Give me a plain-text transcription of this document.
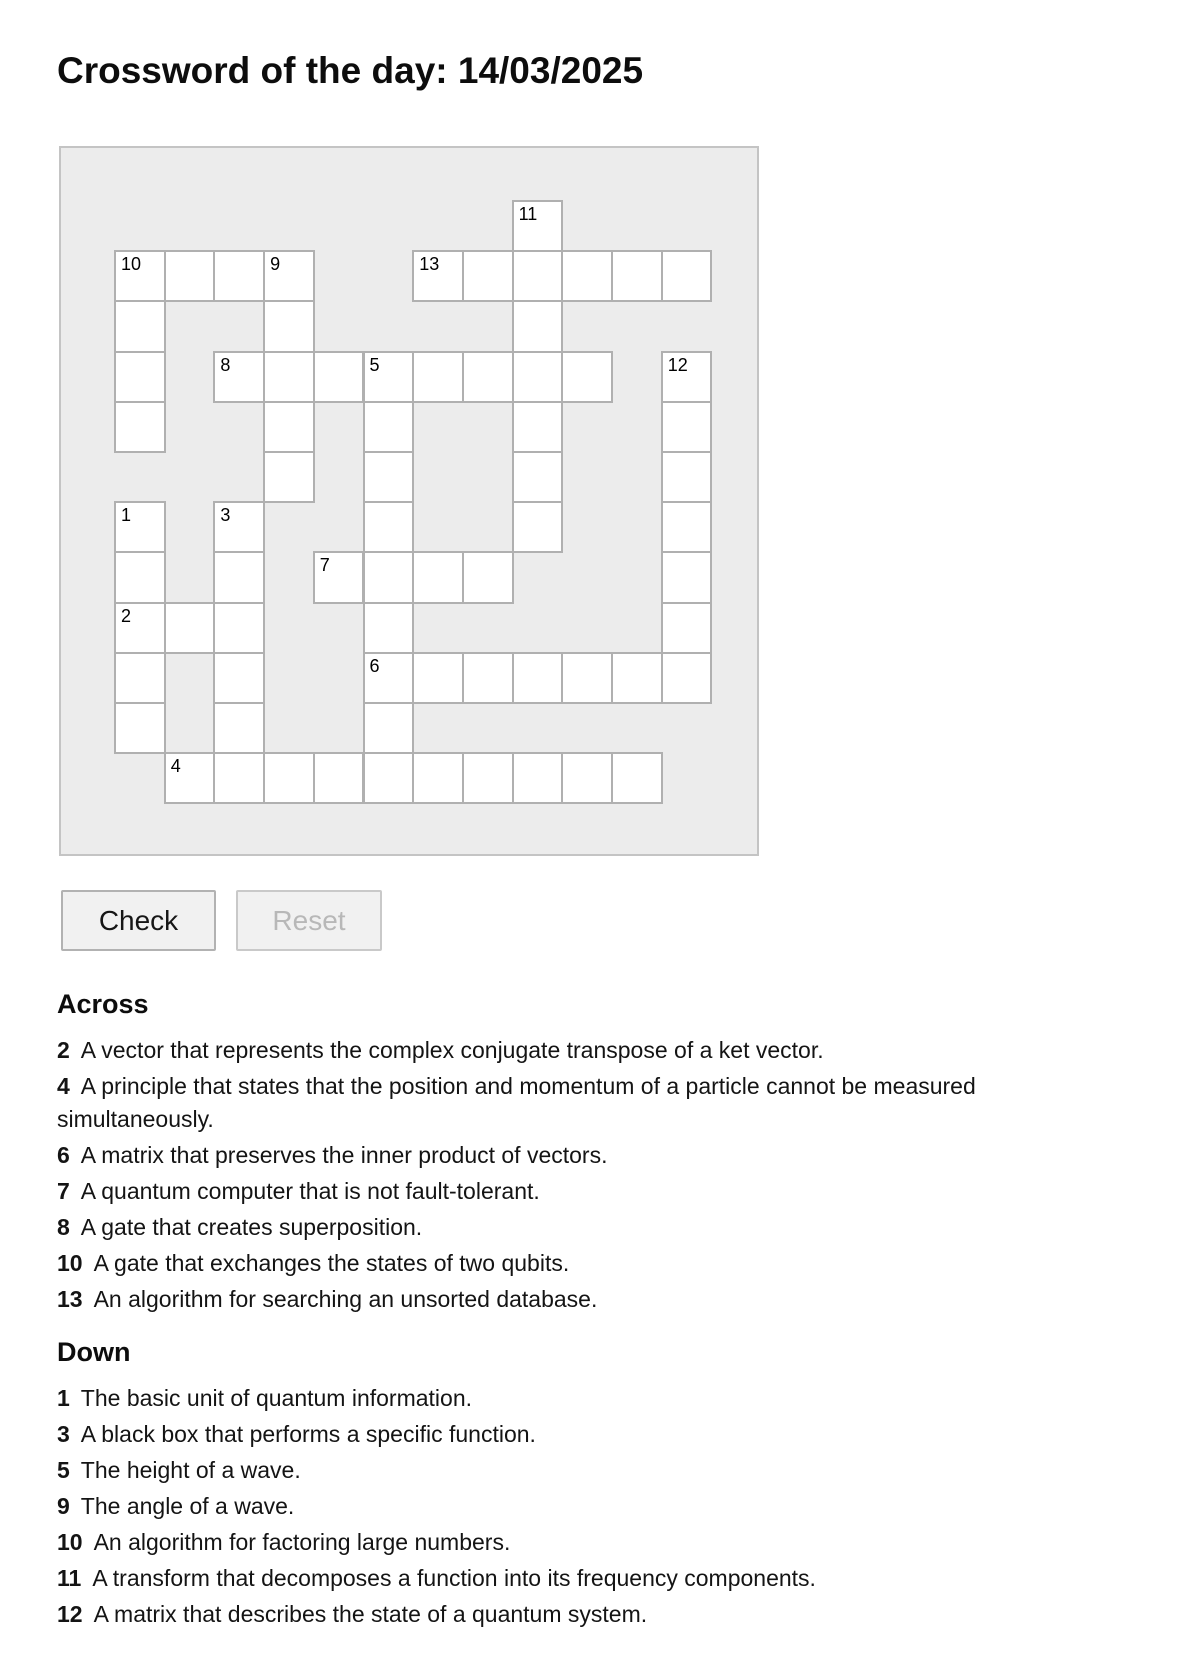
Crossword of the day: 14/03/2025
11
10	9	13
8	5	12
1	3
7
2
6
4
Check	Reset
Across
2 A vector that represents the complex conjugate transpose of a ket vector.
4 A principle that states that the position and momentum of a particle cannot be measured simultaneously.
6 A matrix that preserves the inner product of vectors.
7 A quantum computer that is not fault-tolerant.
8 A gate that creates superposition.
10 A gate that exchanges the states of two qubits.
13 An algorithm for searching an unsorted database.
Down
1 The basic unit of quantum information.
3 A black box that performs a specific function.
5 The height of a wave.
9 The angle of a wave.
10 An algorithm for factoring large numbers.
11 A transform that decomposes a function into its frequency components.
12 A matrix that describes the state of a quantum system.
